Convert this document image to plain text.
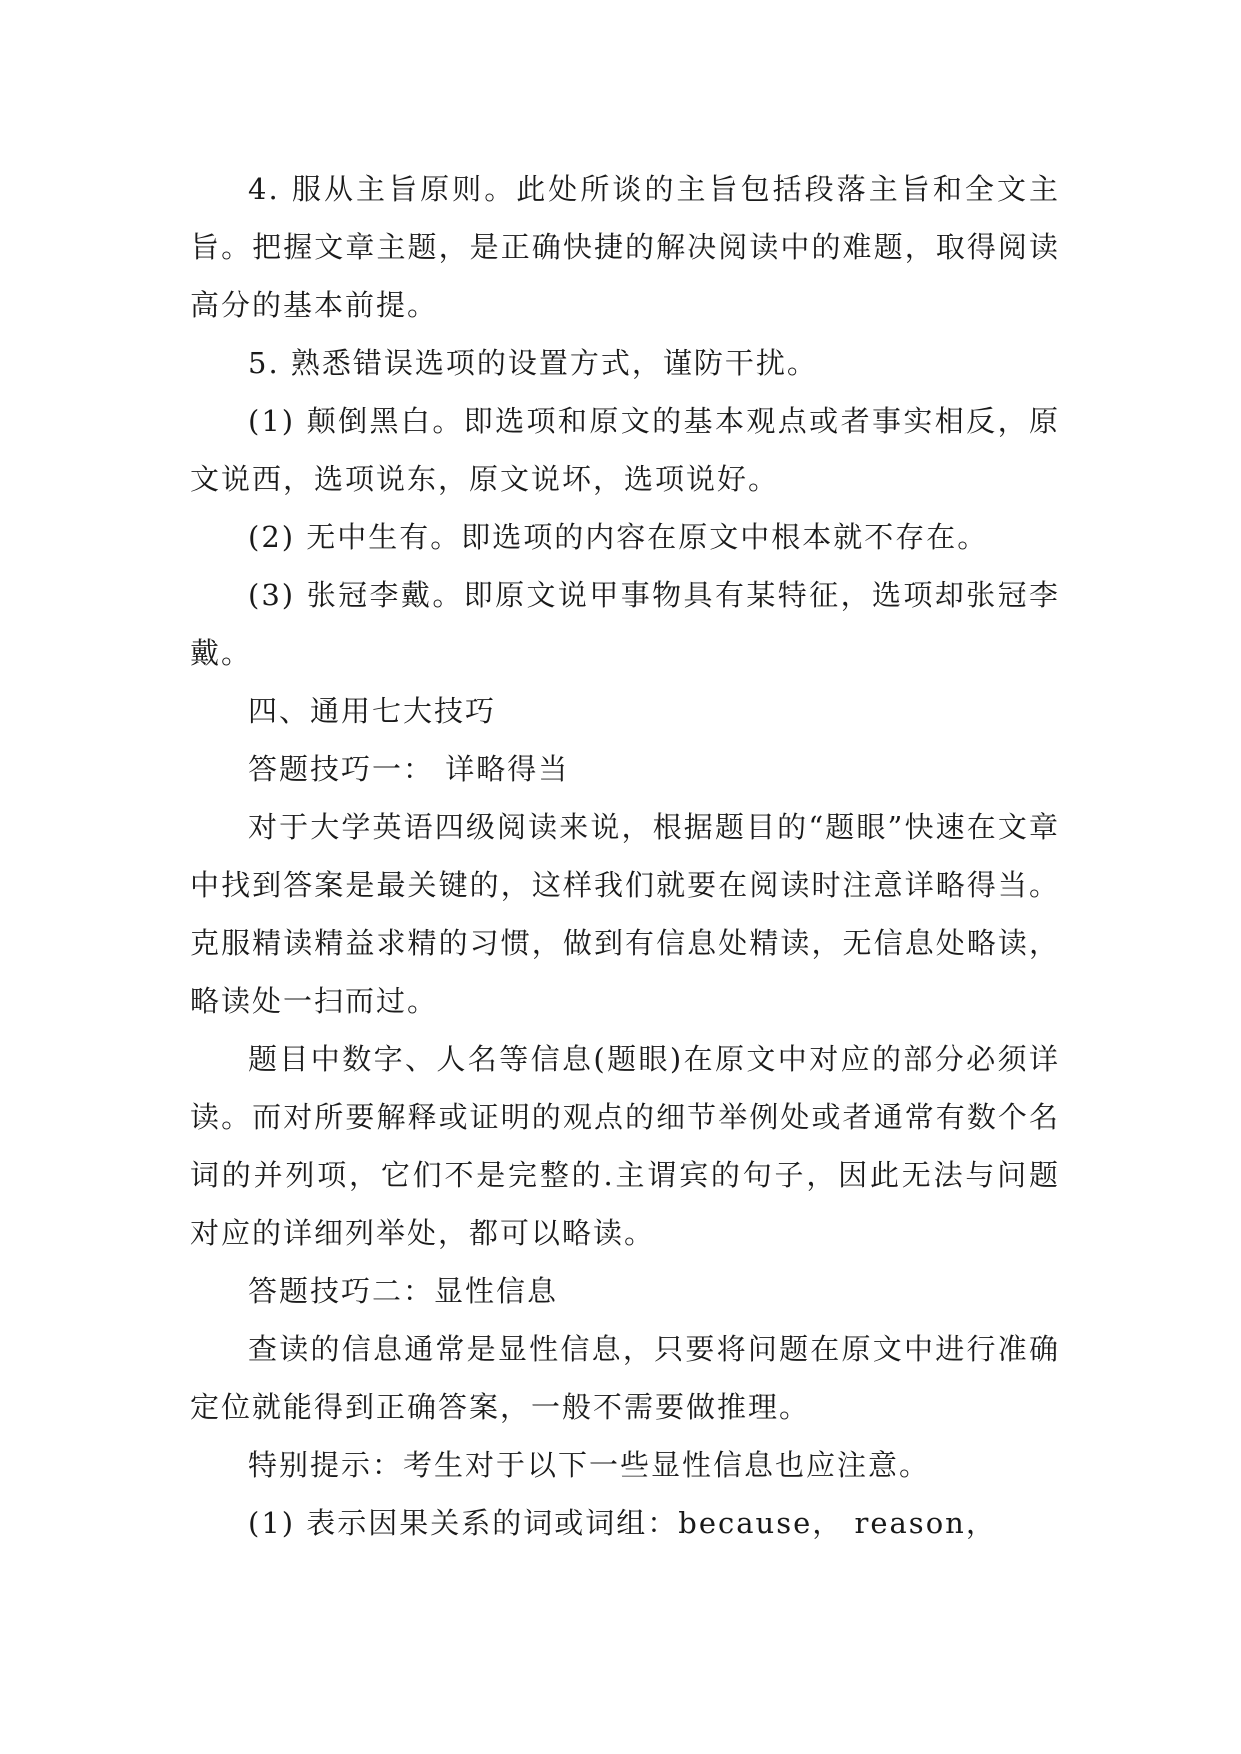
4. 服从主旨原则。此处所谈的主旨包括段落主旨和全文主旨。把握文章主题，是正确快捷的解决阅读中的难题，取得阅读高分的基本前提。

5. 熟悉错误选项的设置方式，谨防干扰。

(1) 颠倒黑白。即选项和原文的基本观点或者事实相反，原文说西，选项说东，原文说坏，选项说好。

(2) 无中生有。即选项的内容在原文中根本就不存在。

(3) 张冠李戴。即原文说甲事物具有某特征，选项却张冠李戴。

四、通用七大技巧

答题技巧一： 详略得当

对于大学英语四级阅读来说，根据题目的“题眼”快速在文章中找到答案是最关键的，这样我们就要在阅读时注意详略得当。克服精读精益求精的习惯，做到有信息处精读，无信息处略读，略读处一扫而过。

题目中数字、人名等信息(题眼)在原文中对应的部分必须详读。而对所要解释或证明的观点的细节举例处或者通常有数个名词的并列项，它们不是完整的.主谓宾的句子，因此无法与问题对应的详细列举处，都可以略读。

答题技巧二：显性信息

查读的信息通常是显性信息，只要将问题在原文中进行准确定位就能得到正确答案，一般不需要做推理。

特别提示：考生对于以下一些显性信息也应注意。

(1) 表示因果关系的词或词组：because， reason，
